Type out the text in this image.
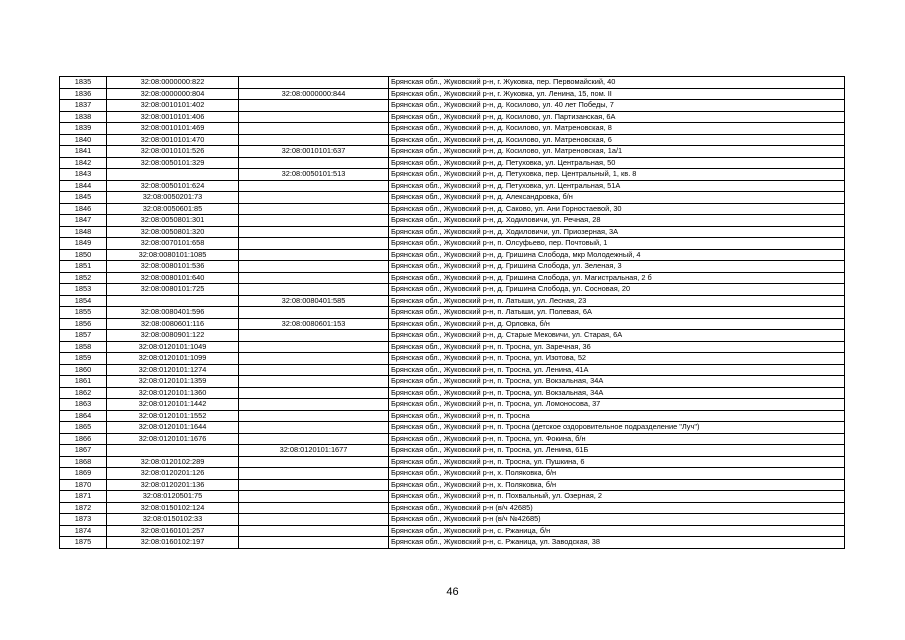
1835	32:08:0000000:822		Брянская обл., Жуковский р-н, г. Жуковка, пер. Первомайский, 40
1836	32:08:0000000:804	32:08:0000000:844	Брянская обл., Жуковский р-н, г. Жуковка, ул. Ленина, 15, пом. II
1837	32:08:0010101:402		Брянская обл., Жуковский р-н, д. Косилово, ул. 40 лет Победы, 7
1838	32:08:0010101:406		Брянская обл., Жуковский р-н, д. Косилово, ул. Партизанская, 6А
1839	32:08:0010101:469		Брянская обл., Жуковский р-н, д. Косилово, ул. Матреновская, 8
1840	32:08:0010101:470		Брянская обл., Жуковский р-н, д. Косилово, ул. Матреновская, 6
1841	32:08:0010101:526	32:08:0010101:637	Брянская обл., Жуковский р-н, д. Косилово, ул. Матреновская, 1а/1
1842	32:08:0050101:329		Брянская обл., Жуковский р-н, д. Петуховка, ул. Центральная, 50
1843		32:08:0050101:513	Брянская обл., Жуковский р-н, д. Петуховка, пер. Центральный, 1, кв. 8
1844	32:08:0050101:624		Брянская обл., Жуковский р-н, д. Петуховка, ул. Центральная, 51А
1845	32:08:0050201:73		Брянская обл., Жуковский р-н, д. Александровка, б/н
1846	32:08:0050601:85		Брянская обл., Жуковский р-н, д. Саково, ул. Ани Горностаевой, 30
1847	32:08:0050801:301		Брянская обл., Жуковский р-н, д. Ходиловичи, ул. Речная, 28
1848	32:08:0050801:320		Брянская обл., Жуковский р-н, д. Ходиловичи, ул. Приозерная, 3А
1849	32:08:0070101:658		Брянская обл., Жуковский р-н, п. Олсуфьево, пер. Почтовый, 1
1850	32:08:0080101:1085		Брянская обл., Жуковский р-н, д. Гришина Слобода, мкр Молодежный, 4
1851	32:08:0080101:536		Брянская обл., Жуковский р-н, д. Гришина Слобода, ул. Зеленая, 3
1852	32:08:0080101:640		Брянская обл., Жуковский р-н, д. Гришина Слобода, ул. Магистральная, 2 б
1853	32:08:0080101:725		Брянская обл., Жуковский р-н, д. Гришина Слобода, ул. Сосновая, 20
1854		32:08:0080401:585	Брянская обл., Жуковский р-н, п. Латыши, ул. Лесная, 23
1855	32:08:0080401:596		Брянская обл., Жуковский р-н, п. Латыши, ул. Полевая, 6А
1856	32:08:0080601:116	32:08:0080601:153	Брянская обл., Жуковский р-н, д. Орловка, б/н
1857	32:08:0080901:122		Брянская обл., Жуковский р-н, д. Старые Мековичи, ул. Старая, 6А
1858	32:08:0120101:1049		Брянская обл., Жуковский р-н, п. Тросна, ул. Заречная, 36
1859	32:08:0120101:1099		Брянская обл., Жуковский р-н, п. Тросна, ул. Изотова, 52
1860	32:08:0120101:1274		Брянская обл., Жуковский р-н, п. Тросна, ул. Ленина, 41А
1861	32:08:0120101:1359		Брянская обл., Жуковский р-н, п. Тросна, ул. Вокзальная, 34А
1862	32:08:0120101:1360		Брянская обл., Жуковский р-н, п. Тросна, ул. Вокзальная, 34А
1863	32:08:0120101:1442		Брянская обл., Жуковский р-н, п. Тросна, ул. Ломоносова, 37
1864	32:08:0120101:1552		Брянская обл., Жуковский р-н, п. Тросна
1865	32:08:0120101:1644		Брянская обл., Жуковский р-н, п. Тросна (детское оздоровительное подразделение "Луч")
1866	32:08:0120101:1676		Брянская обл., Жуковский р-н, п. Тросна, ул. Фокина, б/н
1867		32:08:0120101:1677	Брянская обл., Жуковский р-н, п. Тросна, ул. Ленина, 61Б
1868	32:08:0120102:289		Брянская обл., Жуковский р-н, п. Тросна, ул. Пушкина, 6
1869	32:08:0120201:126		Брянская обл., Жуковский р-н, х. Поляковка, б/н
1870	32:08:0120201:136		Брянская обл., Жуковский р-н, х. Поляковка, б/н
1871	32:08:0120501:75		Брянская обл., Жуковский р-н, п. Похвальный, ул. Озерная, 2
1872	32:08:0150102:124		Брянская обл., Жуковский р-н (в/ч 42685)
1873	32:08:0150102:33		Брянская обл., Жуковский р-н (в/ч №42685)
1874	32:08:0160101:257		Брянская обл., Жуковский р-н, с. Ржаница, б/н
1875	32:08:0160102:197		Брянская обл., Жуковский р-н, с. Ржаница, ул. Заводская, 38
46
